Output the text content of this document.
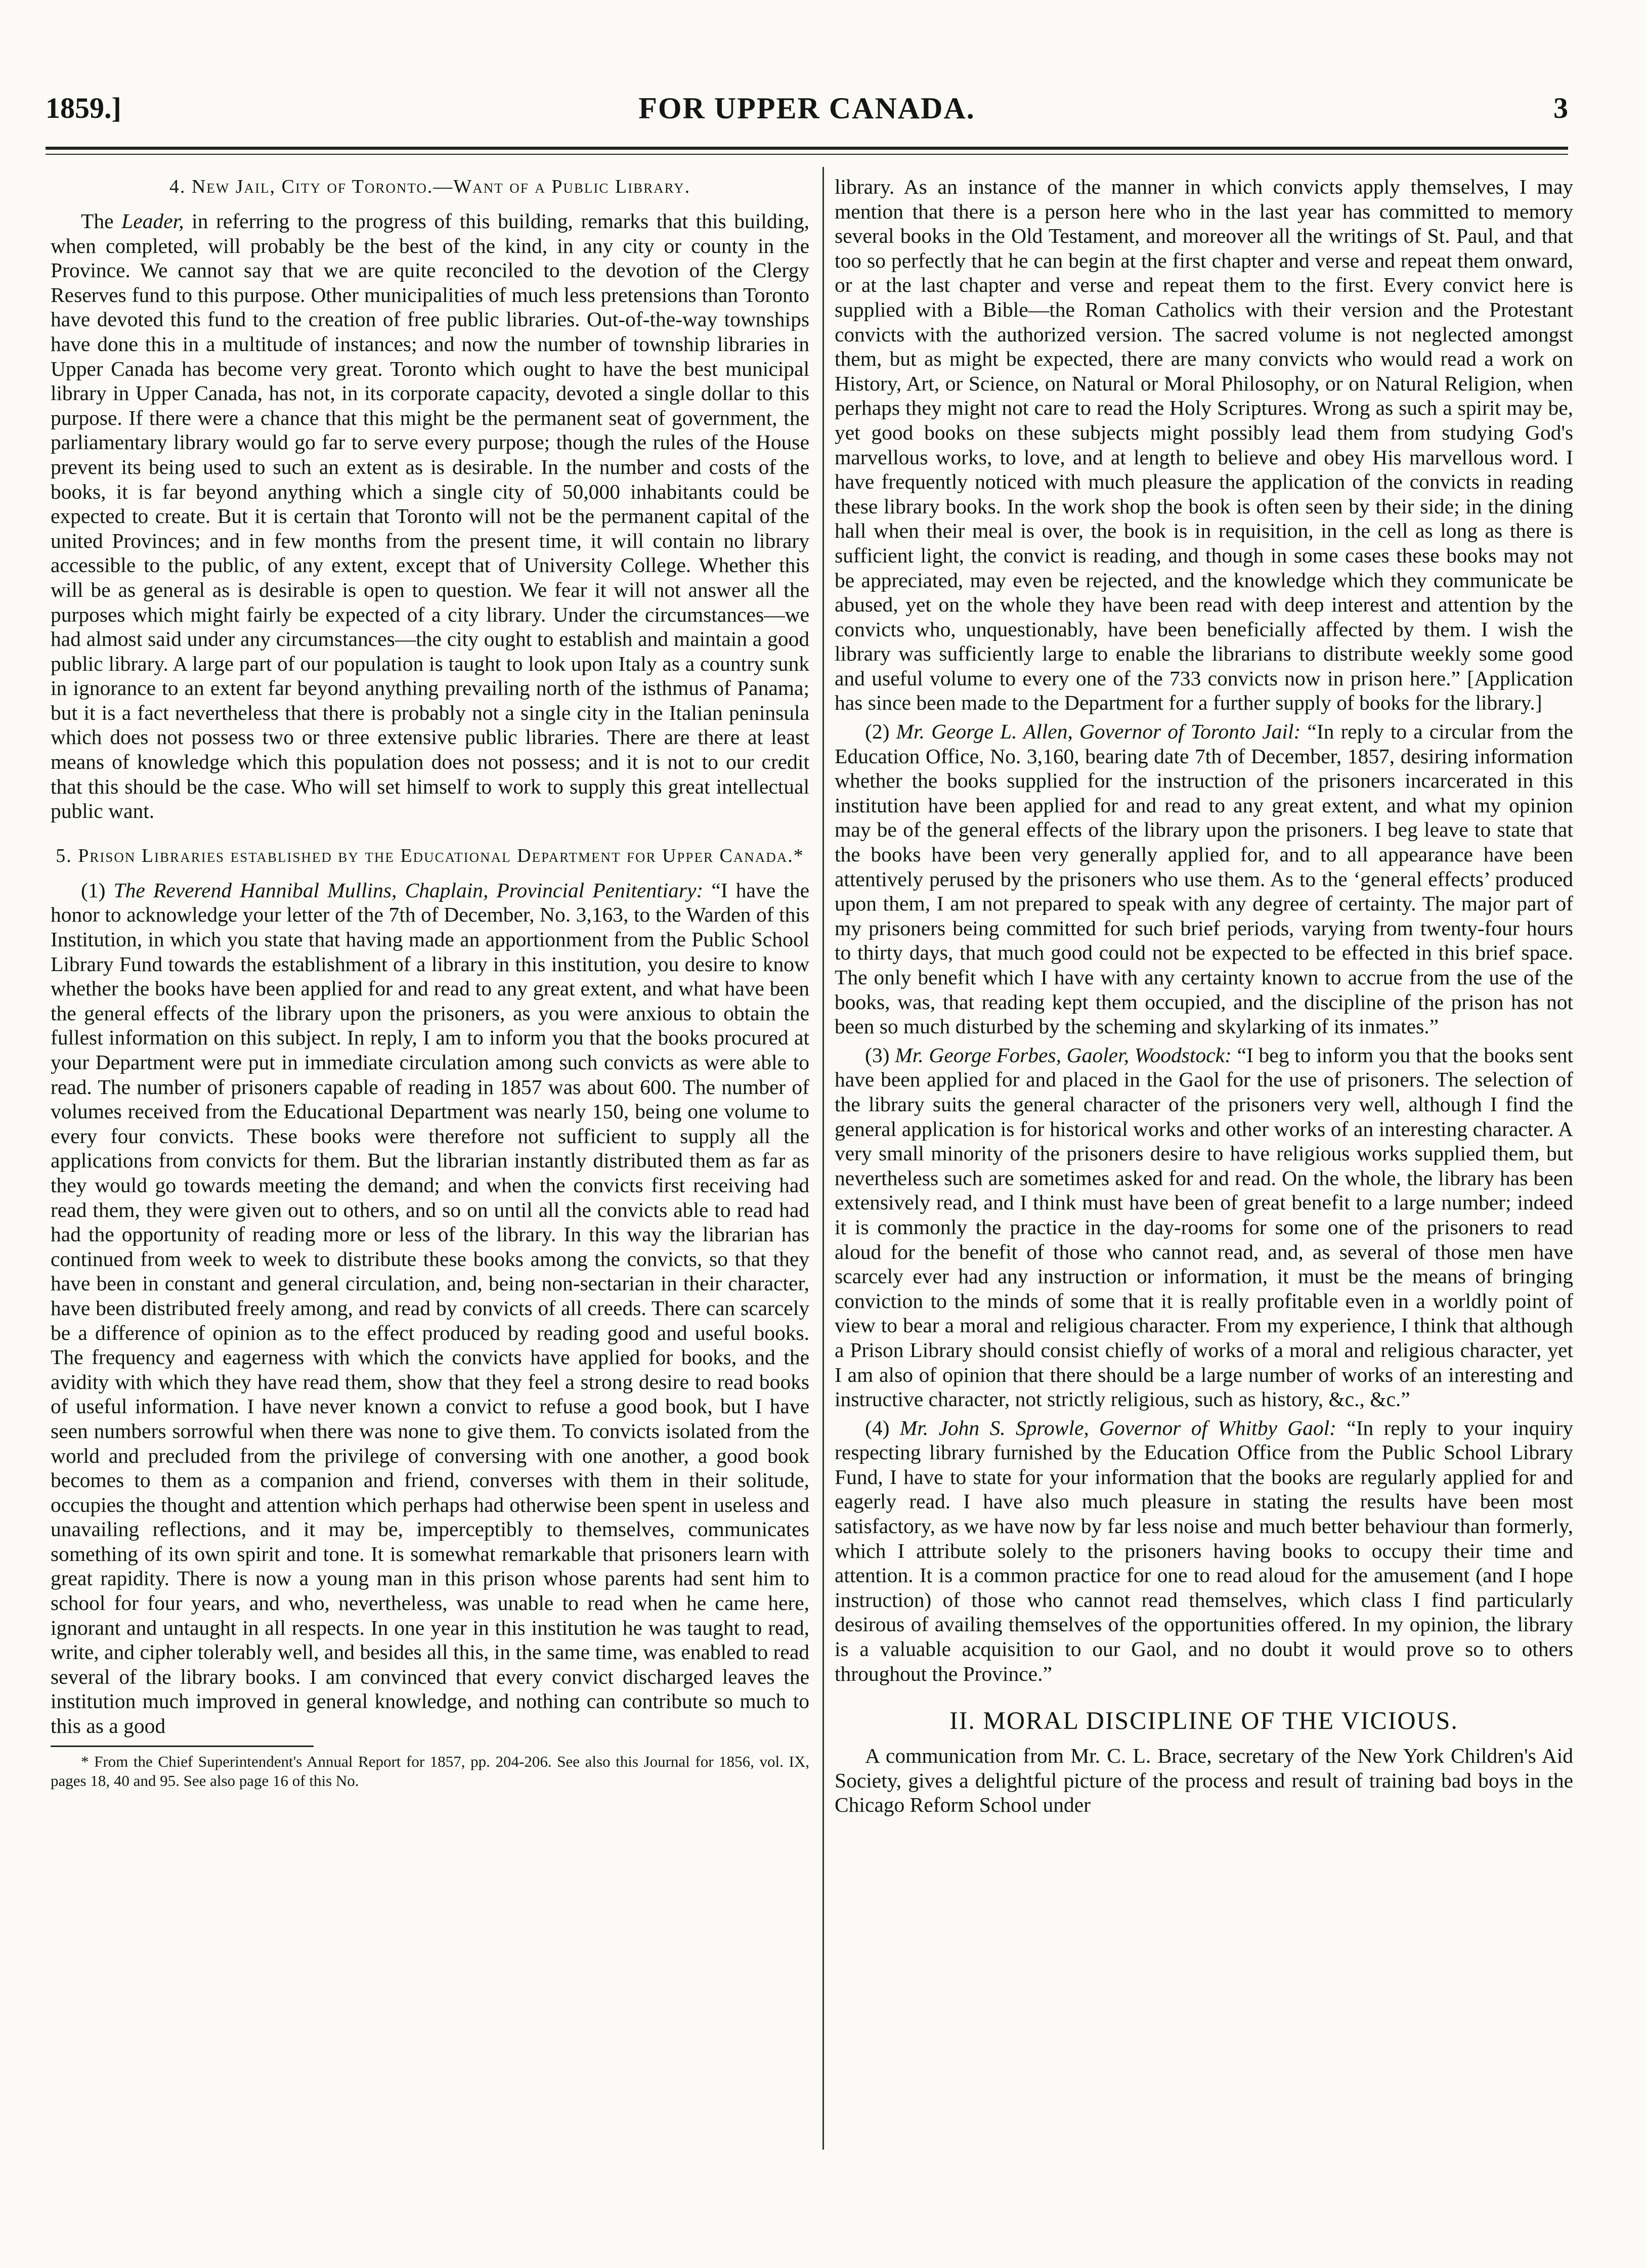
1859.]	FOR UPPER CANADA.	3
4. New Jail, City of Toronto.—Want of a Public Library.

The Leader, in referring to the progress of this building, remarks that this building, when completed, will probably be the best of the kind, in any city or county in the Province. We cannot say that we are quite reconciled to the devotion of the Clergy Reserves fund to this purpose. Other municipalities of much less pretensions than Toronto have devoted this fund to the creation of free public libraries. Out-of-the-way townships have done this in a multitude of instances; and now the number of township libraries in Upper Canada has become very great. Toronto which ought to have the best municipal library in Upper Canada, has not, in its corporate capacity, devoted a single dollar to this purpose. If there were a chance that this might be the permanent seat of government, the parliamentary library would go far to serve every purpose; though the rules of the House prevent its being used to such an extent as is desirable. In the number and costs of the books, it is far beyond anything which a single city of 50,000 inhabitants could be expected to create. But it is certain that Toronto will not be the permanent capital of the united Provinces; and in few months from the present time, it will contain no library accessible to the public, of any extent, except that of University College. Whether this will be as general as is desirable is open to question. We fear it will not answer all the purposes which might fairly be expected of a city library. Under the circumstances—we had almost said under any circumstances—the city ought to establish and maintain a good public library. A large part of our population is taught to look upon Italy as a country sunk in ignorance to an extent far beyond anything prevailing north of the isthmus of Panama; but it is a fact nevertheless that there is probably not a single city in the Italian peninsula which does not possess two or three extensive public libraries. There are there at least means of knowledge which this population does not possess; and it is not to our credit that this should be the case. Who will set himself to work to supply this great intellectual public want.

5. Prison Libraries established by the Educational Department for Upper Canada.*

(1) The Reverend Hannibal Mullins, Chaplain, Provincial Penitentiary: “I have the honor to acknowledge your letter of the 7th of December, No. 3,163, to the Warden of this Institution, in which you state that having made an apportionment from the Public School Library Fund towards the establishment of a library in this institution, you desire to know whether the books have been applied for and read to any great extent, and what have been the general effects of the library upon the prisoners, as you were anxious to obtain the fullest information on this subject. In reply, I am to inform you that the books procured at your Department were put in immediate circulation among such convicts as were able to read. The number of prisoners capable of reading in 1857 was about 600. The number of volumes received from the Educational Department was nearly 150, being one volume to every four convicts. These books were therefore not sufficient to supply all the applications from convicts for them. But the librarian instantly distributed them as far as they would go towards meeting the demand; and when the convicts first receiving had read them, they were given out to others, and so on until all the convicts able to read had had the opportunity of reading more or less of the library. In this way the librarian has continued from week to week to distribute these books among the convicts, so that they have been in constant and general circulation, and, being non-sectarian in their character, have been distributed freely among, and read by convicts of all creeds. There can scarcely be a difference of opinion as to the effect produced by reading good and useful books. The frequency and eagerness with which the convicts have applied for books, and the avidity with which they have read them, show that they feel a strong desire to read books of useful information. I have never known a convict to refuse a good book, but I have seen numbers sorrowful when there was none to give them. To convicts isolated from the world and precluded from the privilege of conversing with one another, a good book becomes to them as a companion and friend, converses with them in their solitude, occupies the thought and attention which perhaps had otherwise been spent in useless and unavailing reflections, and it may be, imperceptibly to themselves, communicates something of its own spirit and tone. It is somewhat remarkable that prisoners learn with great rapidity. There is now a young man in this prison whose parents had sent him to school for four years, and who, nevertheless, was unable to read when he came here, ignorant and untaught in all respects. In one year in this institution he was taught to read, write, and cipher tolerably well, and besides all this, in the same time, was enabled to read several of the library books. I am convinced that every convict discharged leaves the institution much improved in general knowledge, and nothing can contribute so much to this as a good

* From the Chief Superintendent's Annual Report for 1857, pp. 204-206. See also this Journal for 1856, vol. IX, pages 18, 40 and 95. See also page 16 of this No.

library. As an instance of the manner in which convicts apply themselves, I may mention that there is a person here who in the last year has committed to memory several books in the Old Testament, and moreover all the writings of St. Paul, and that too so perfectly that he can begin at the first chapter and verse and repeat them onward, or at the last chapter and verse and repeat them to the first. Every convict here is supplied with a Bible—the Roman Catholics with their version and the Protestant convicts with the authorized version. The sacred volume is not neglected amongst them, but as might be expected, there are many convicts who would read a work on History, Art, or Science, on Natural or Moral Philosophy, or on Natural Religion, when perhaps they might not care to read the Holy Scriptures. Wrong as such a spirit may be, yet good books on these subjects might possibly lead them from studying God's marvellous works, to love, and at length to believe and obey His marvellous word. I have frequently noticed with much pleasure the application of the convicts in reading these library books. In the work shop the book is often seen by their side; in the dining hall when their meal is over, the book is in requisition, in the cell as long as there is sufficient light, the convict is reading, and though in some cases these books may not be appreciated, may even be rejected, and the knowledge which they communicate be abused, yet on the whole they have been read with deep interest and attention by the convicts who, unquestionably, have been beneficially affected by them. I wish the library was sufficiently large to enable the librarians to distribute weekly some good and useful volume to every one of the 733 convicts now in prison here.” [Application has since been made to the Department for a further supply of books for the library.]

(2) Mr. George L. Allen, Governor of Toronto Jail: “In reply to a circular from the Education Office, No. 3,160, bearing date 7th of December, 1857, desiring information whether the books supplied for the instruction of the prisoners incarcerated in this institution have been applied for and read to any great extent, and what my opinion may be of the general effects of the library upon the prisoners. I beg leave to state that the books have been very generally applied for, and to all appearance have been attentively perused by the prisoners who use them. As to the ‘general effects’ produced upon them, I am not prepared to speak with any degree of certainty. The major part of my prisoners being committed for such brief periods, varying from twenty-four hours to thirty days, that much good could not be expected to be effected in this brief space. The only benefit which I have with any certainty known to accrue from the use of the books, was, that reading kept them occupied, and the discipline of the prison has not been so much disturbed by the scheming and skylarking of its inmates.”

(3) Mr. George Forbes, Gaoler, Woodstock: “I beg to inform you that the books sent have been applied for and placed in the Gaol for the use of prisoners. The selection of the library suits the general character of the prisoners very well, although I find the general application is for historical works and other works of an interesting character. A very small minority of the prisoners desire to have religious works supplied them, but nevertheless such are sometimes asked for and read. On the whole, the library has been extensively read, and I think must have been of great benefit to a large number; indeed it is commonly the practice in the day-rooms for some one of the prisoners to read aloud for the benefit of those who cannot read, and, as several of those men have scarcely ever had any instruction or information, it must be the means of bringing conviction to the minds of some that it is really profitable even in a worldly point of view to bear a moral and religious character. From my experience, I think that although a Prison Library should consist chiefly of works of a moral and religious character, yet I am also of opinion that there should be a large number of works of an interesting and instructive character, not strictly religious, such as history, &c., &c.”

(4) Mr. John S. Sprowle, Governor of Whitby Gaol: “In reply to your inquiry respecting library furnished by the Education Office from the Public School Library Fund, I have to state for your information that the books are regularly applied for and eagerly read. I have also much pleasure in stating the results have been most satisfactory, as we have now by far less noise and much better behaviour than formerly, which I attribute solely to the prisoners having books to occupy their time and attention. It is a common practice for one to read aloud for the amusement (and I hope instruction) of those who cannot read themselves, which class I find particularly desirous of availing themselves of the opportunities offered. In my opinion, the library is a valuable acquisition to our Gaol, and no doubt it would prove so to others throughout the Province.”

II. MORAL DISCIPLINE OF THE VICIOUS.

A communication from Mr. C. L. Brace, secretary of the New York Children's Aid Society, gives a delightful picture of the process and result of training bad boys in the Chicago Reform School under
